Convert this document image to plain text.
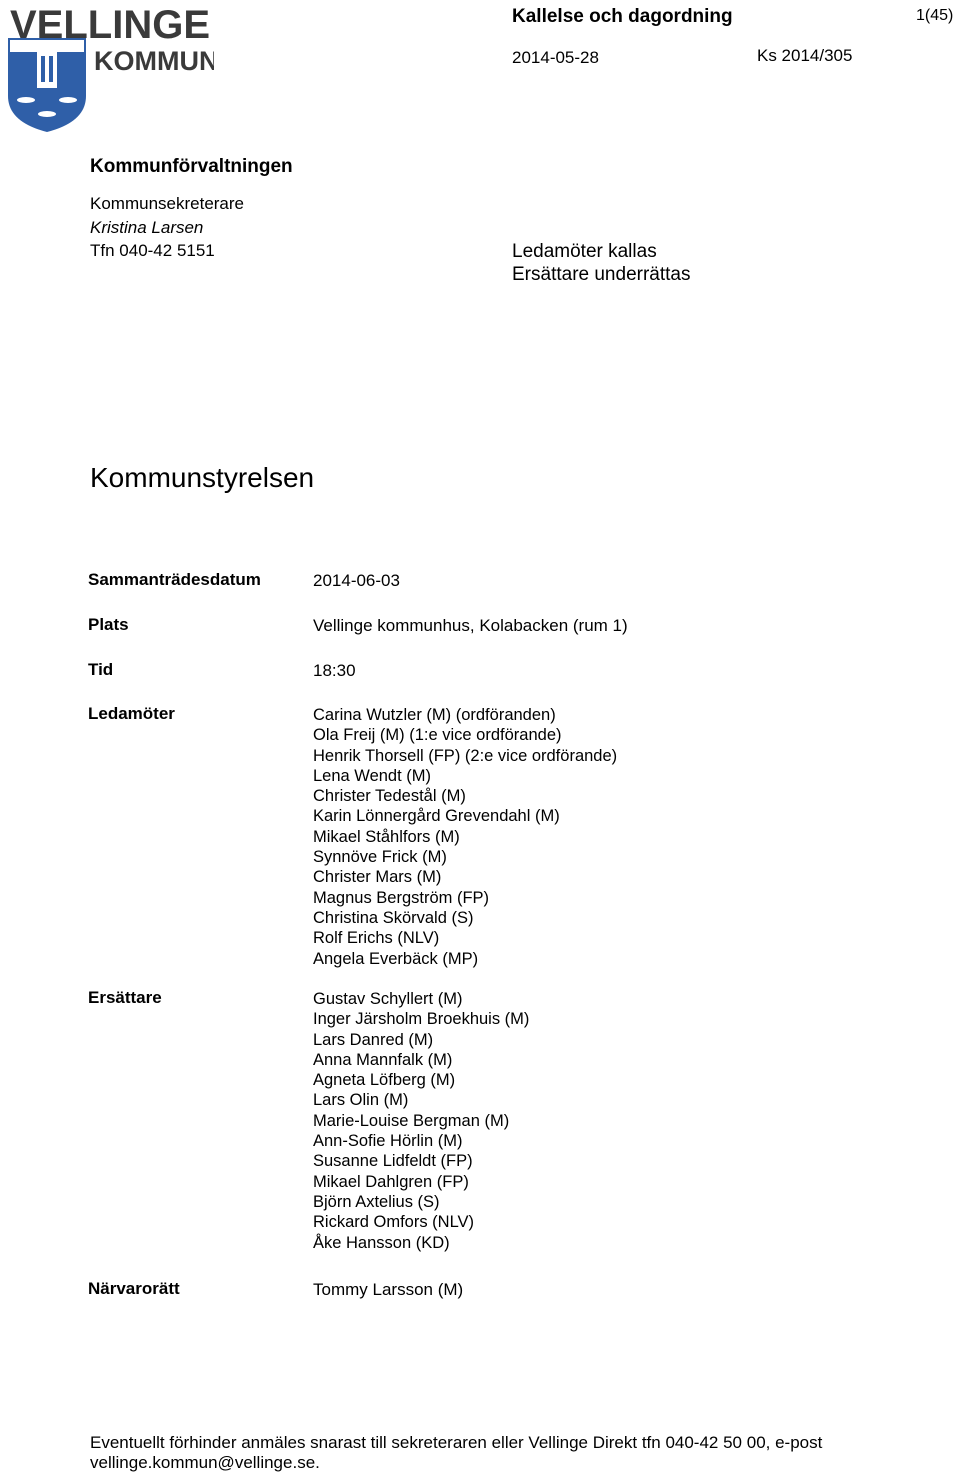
VELLINGE
KOMMUN
Kallelse och dagordning	1(45)
2014-05-28	Ks 2014/305
Kommunförvaltningen
Kommunsekreterare
Kristina Larsen
Tfn 040-42 5151	Ledamöter kallas
Ersättare underrättas
Kommunstyrelsen
Sammanträdesdatum	2014-06-03
Plats	Vellinge kommunhus, Kolabacken (rum 1)
Tid	18:30
Ledamöter	Carina Wutzler (M) (ordföranden)
Ola Freij (M) (1:e vice ordförande)
Henrik Thorsell (FP) (2:e vice ordförande)
Lena Wendt (M)
Christer Tedestål (M)
Karin Lönnergård Grevendahl (M)
Mikael Ståhlfors (M)
Synnöve Frick (M)
Christer Mars (M)
Magnus Bergström (FP)
Christina Skörvald (S)
Rolf Erichs (NLV)
Angela Everbäck (MP)
Ersättare	Gustav Schyllert (M)
Inger Järsholm Broekhuis (M)
Lars Danred (M)
Anna Mannfalk (M)
Agneta Löfberg (M)
Lars Olin (M)
Marie-Louise Bergman (M)
Ann-Sofie Hörlin (M)
Susanne Lidfeldt (FP)
Mikael Dahlgren (FP)
Björn Axtelius (S)
Rickard Omfors (NLV)
Åke Hansson (KD)
Närvarorätt	Tommy Larsson (M)
Eventuellt förhinder anmäles snarast till sekreteraren eller Vellinge Direkt tfn 040-42 50 00, e-post vellinge.kommun@vellinge.se.
